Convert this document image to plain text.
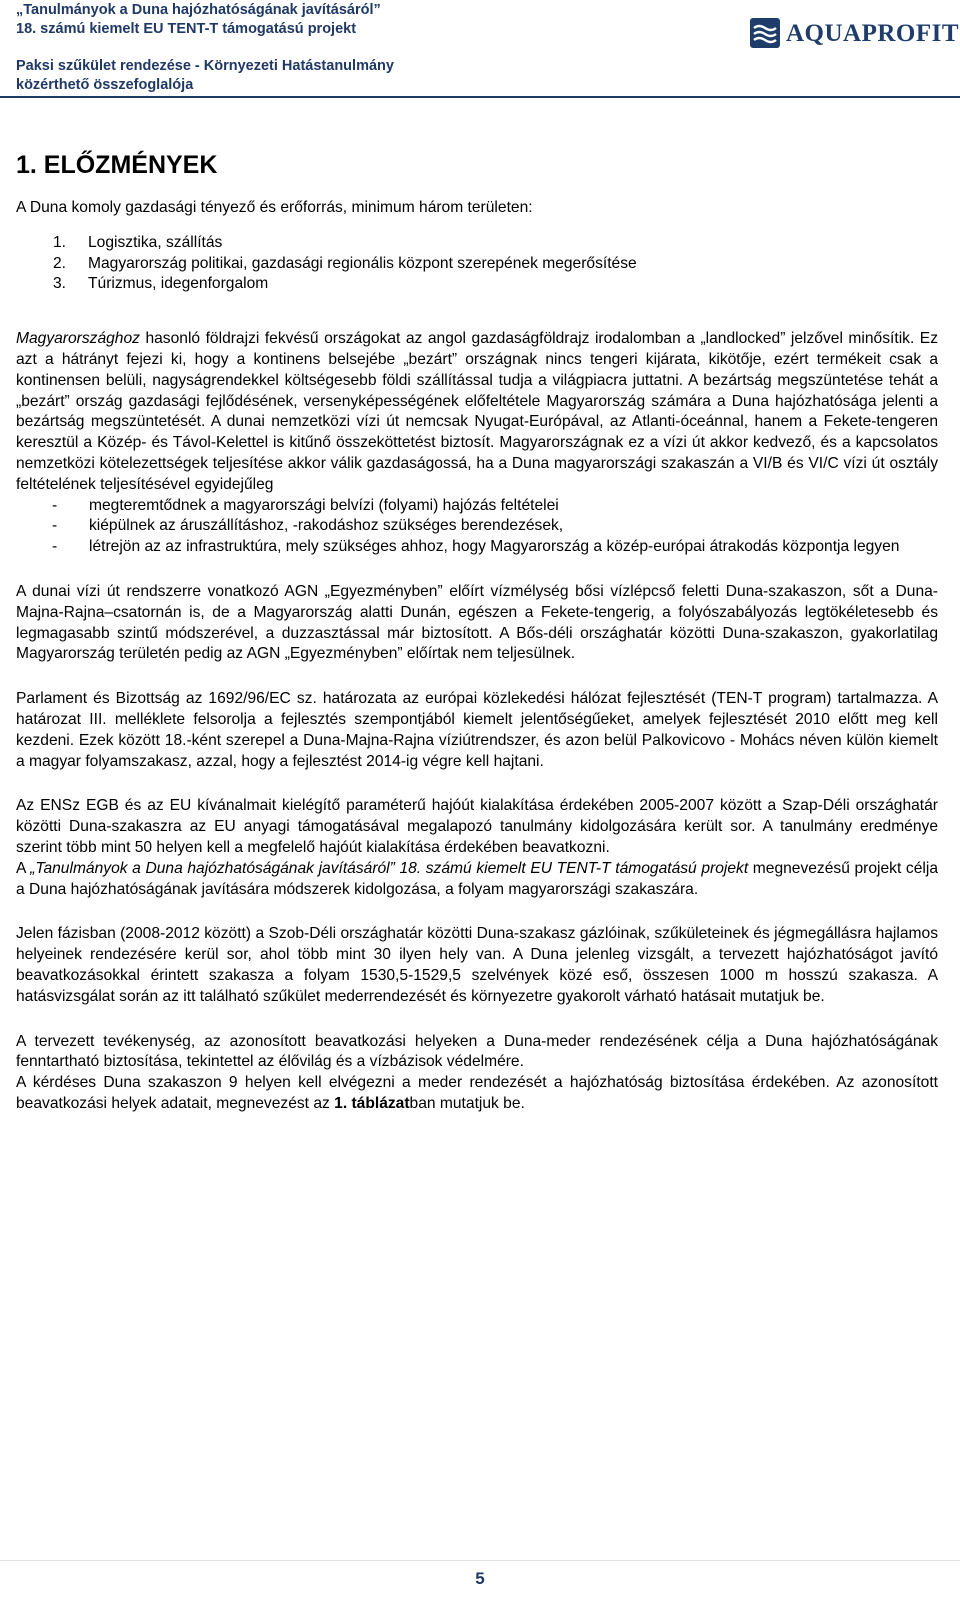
„Tanulmányok a Duna hajózhatóságának javításáról”
18. számú kiemelt EU TENT-T támogatású projekt
Paksi szűkület rendezése - Környezeti Hatástanulmány
közérthető összefoglalója
AQUAPROFIT
1. ELŐZMÉNYEK

A Duna komoly gazdasági tényező és erőforrás, minimum három területen:

1. Logisztika, szállítás
2. Magyarország politikai, gazdasági regionális központ szerepének megerősítése
3. Túrizmus, idegenforgalom

Magyarországhoz hasonló földrajzi fekvésű országokat az angol gazdaságföldrajz irodalomban a „landlocked” jelzővel minősítik. Ez azt a hátrányt fejezi ki, hogy a kontinens belsejébe „bezárt” országnak nincs tengeri kijárata, kikötője, ezért termékeit csak a kontinensen belüli, nagyságrendekkel költségesebb földi szállítással tudja a világpiacra juttatni. A bezártság megszüntetése tehát a „bezárt” ország gazdasági fejlődésének, versenyképességének előfeltétele Magyarország számára a Duna hajózhatósága jelenti a bezártság megszüntetését. A dunai nemzetközi vízi út nemcsak Nyugat-Európával, az Atlanti-óceánnal, hanem a Fekete-tengeren keresztül a Közép- és Távol-Kelettel is kitűnő összeköttetést biztosít. Magyarországnak ez a vízi út akkor kedvező, és a kapcsolatos nemzetközi kötelezettségek teljesítése akkor válik gazdaságossá, ha a Duna magyarországi szakaszán a VI/B és VI/C vízi út osztály feltételének teljesítésével egyidejűleg

- megteremtődnek a magyarországi belvízi (folyami) hajózás feltételei
- kiépülnek az áruszállításhoz, -rakodáshoz szükséges berendezések,
- létrejön az az infrastruktúra, mely szükséges ahhoz, hogy Magyarország a közép-európai átrakodás központja legyen

A dunai vízi út rendszerre vonatkozó AGN „Egyezményben” előírt vízmélység bősi vízlépcső feletti Duna-szakaszon, sőt a Duna-Majna-Rajna–csatornán is, de a Magyarország alatti Dunán, egészen a Fekete-tengerig, a folyószabályozás legtökéletesebb és legmagasabb szintű módszerével, a duzzasztással már biztosított. A Bős-déli országhatár közötti Duna-szakaszon, gyakorlatilag Magyarország területén pedig az AGN „Egyezményben” előírtak nem teljesülnek.

Parlament és Bizottság az 1692/96/EC sz. határozata az európai közlekedési hálózat fejlesztését (TEN-T program) tartalmazza. A határozat III. melléklete felsorolja a fejlesztés szempontjából kiemelt jelentőségűeket, amelyek fejlesztését 2010 előtt meg kell kezdeni. Ezek között 18.-ként szerepel a Duna-Majna-Rajna víziútrendszer, és azon belül Palkovicovo - Mohács néven külön kiemelt a magyar folyamszakasz, azzal, hogy a fejlesztést 2014-ig végre kell hajtani.

Az ENSz EGB és az EU kívánalmait kielégítő paraméterű hajóút kialakítása érdekében 2005-2007 között a Szap-Déli országhatár közötti Duna-szakaszra az EU anyagi támogatásával megalapozó tanulmány kidolgozására került sor. A tanulmány eredménye szerint több mint 50 helyen kell a megfelelő hajóút kialakítása érdekében beavatkozni.

A „Tanulmányok a Duna hajózhatóságának javításáról” 18. számú kiemelt EU TENT-T támogatású projekt megnevezésű projekt célja a Duna hajózhatóságának javítására módszerek kidolgozása, a folyam magyarországi szakaszára.

Jelen fázisban (2008-2012 között) a Szob-Déli országhatár közötti Duna-szakasz gázlóinak, szűkületeinek és jégmegállásra hajlamos helyeinek rendezésére kerül sor, ahol több mint 30 ilyen hely van. A Duna jelenleg vizsgált, a tervezett hajózhatóságot javító beavatkozásokkal érintett szakasza a folyam 1530,5-1529,5 szelvények közé eső, összesen 1000 m hosszú szakasza. A hatásvizsgálat során az itt található szűkület mederrendezését és környezetre gyakorolt várható hatásait mutatjuk be.

A tervezett tevékenység, az azonosított beavatkozási helyeken a Duna-meder rendezésének célja a Duna hajózhatóságának fenntartható biztosítása, tekintettel az élővilág és a vízbázisok védelmére.

A kérdéses Duna szakaszon 9 helyen kell elvégezni a meder rendezését a hajózhatóság biztosítása érdekében. Az azonosított beavatkozási helyek adatait, megnevezést az 1. táblázatban mutatjuk be.

5
